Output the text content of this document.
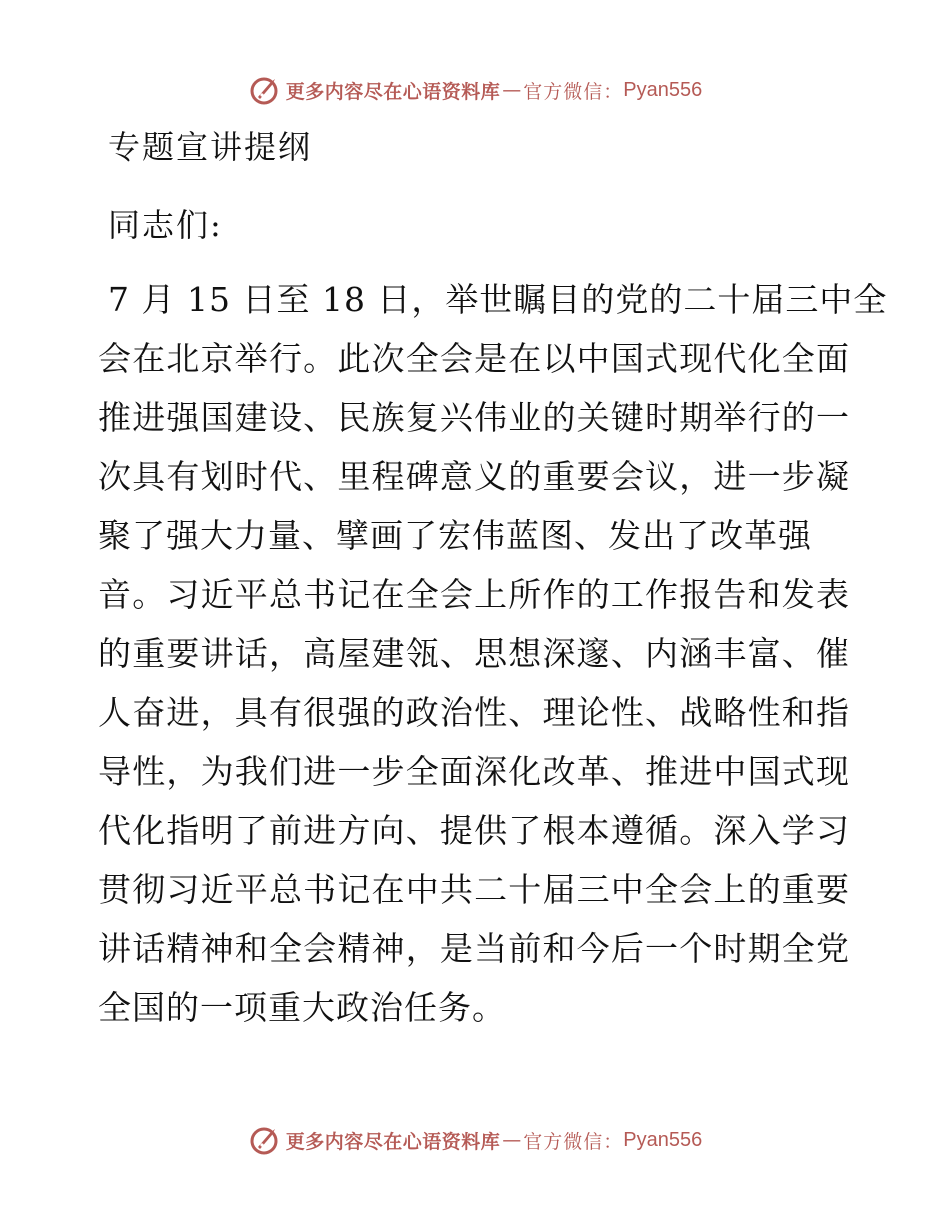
更多内容尽在心语资料库 — 官方微信： Pyan556
专题宣讲提纲
同志们:
7 月 15 日至 18 日，举世瞩目的党的二十届三中全
会在北京举行。此次全会是在以中国式现代化全面
推进强国建设、民族复兴伟业的关键时期举行的一
次具有划时代、里程碑意义的重要会议，进一步凝
聚了强大力量、擘画了宏伟蓝图、发出了改革强
音。习近平总书记在全会上所作的工作报告和发表
的重要讲话，高屋建瓴、思想深邃、内涵丰富、催
人奋进，具有很强的政治性、理论性、战略性和指
导性，为我们进一步全面深化改革、推进中国式现
代化指明了前进方向、提供了根本遵循。深入学习
贯彻习近平总书记在中共二十届三中全会上的重要
讲话精神和全会精神，是当前和今后一个时期全党
全国的一项重大政治任务。
更多内容尽在心语资料库 — 官方微信： Pyan556
